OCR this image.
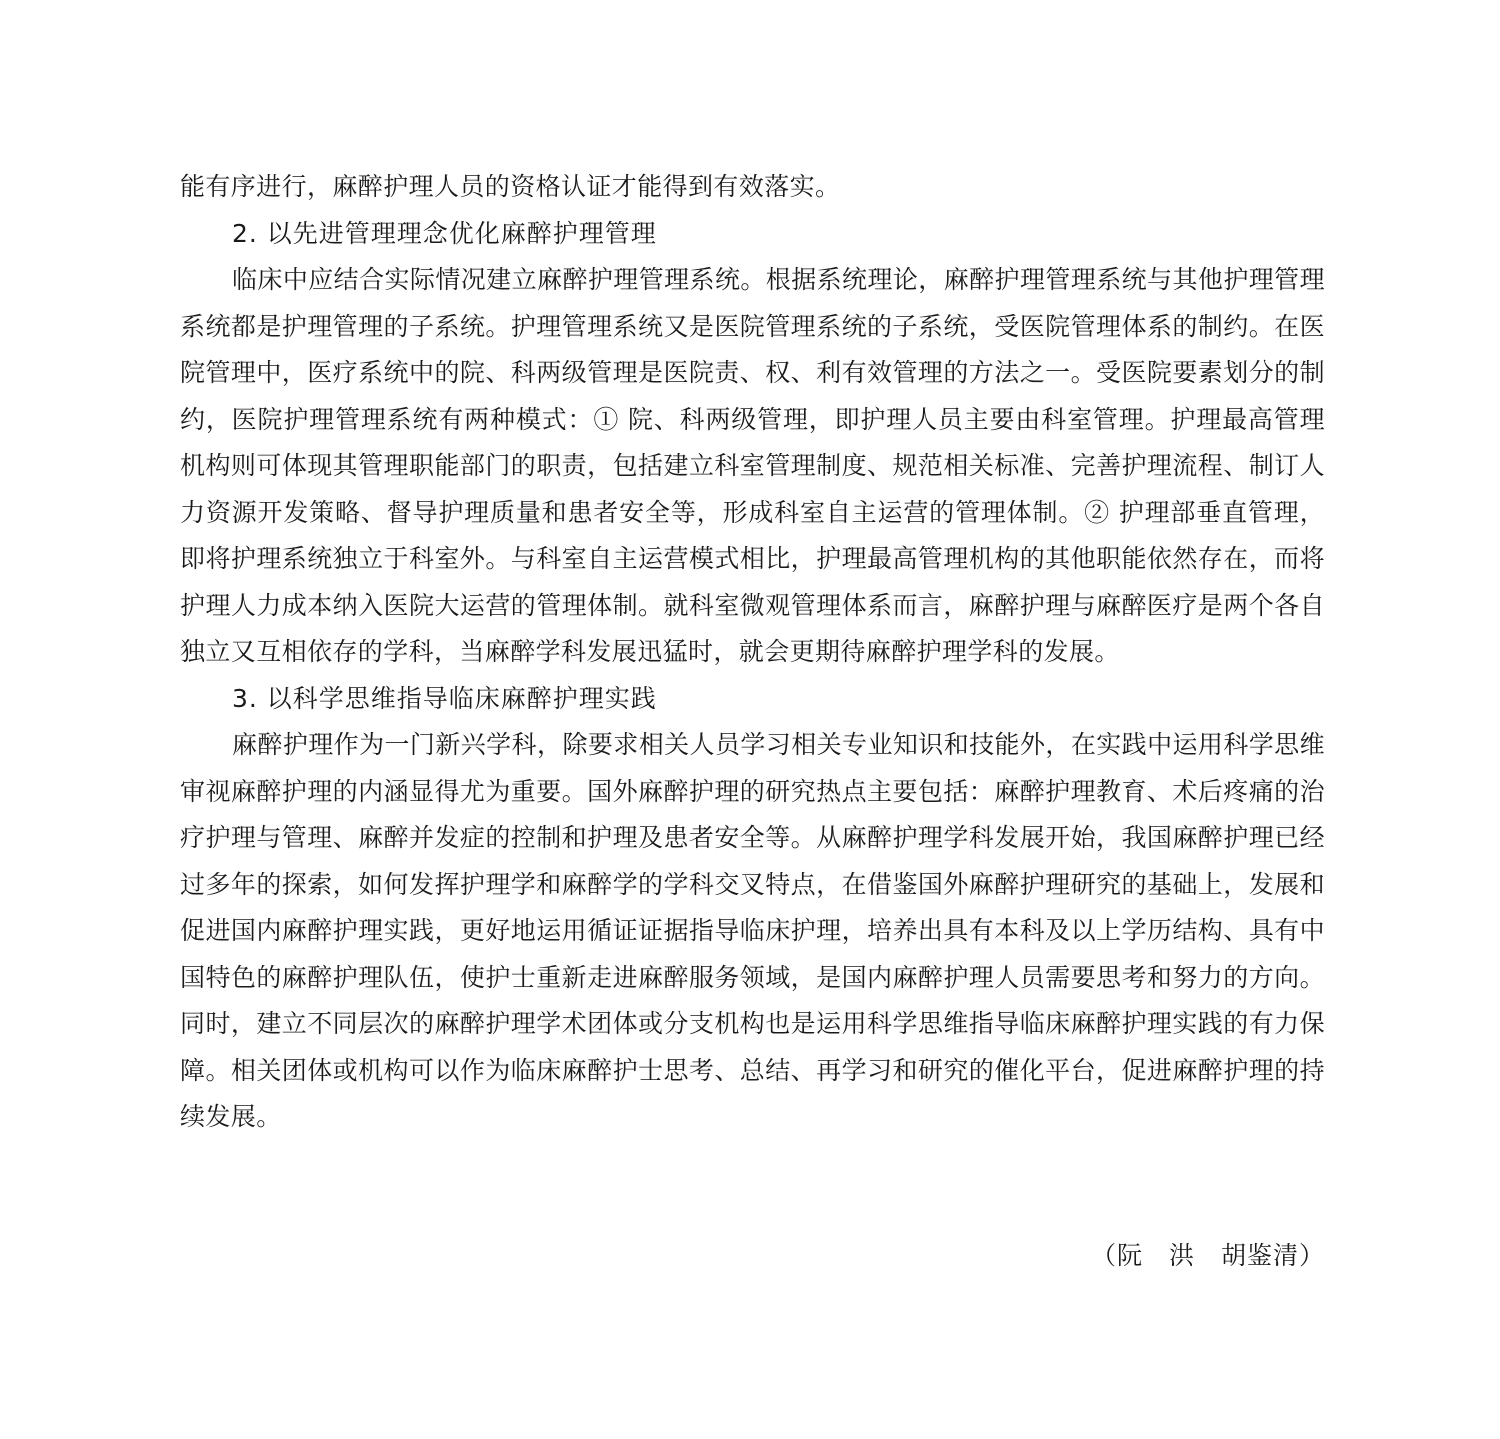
能有序进行，麻醉护理人员的资格认证才能得到有效落实。

2. 以先进管理理念优化麻醉护理管理

临床中应结合实际情况建立麻醉护理管理系统。根据系统理论，麻醉护理管理系统与其他护理管理系统都是护理管理的子系统。护理管理系统又是医院管理系统的子系统，受医院管理体系的制约。在医院管理中，医疗系统中的院、科两级管理是医院责、权、利有效管理的方法之一。受医院要素划分的制约，医院护理管理系统有两种模式：① 院、科两级管理，即护理人员主要由科室管理。护理最高管理机构则可体现其管理职能部门的职责，包括建立科室管理制度、规范相关标准、完善护理流程、制订人力资源开发策略、督导护理质量和患者安全等，形成科室自主运营的管理体制。② 护理部垂直管理，即将护理系统独立于科室外。与科室自主运营模式相比，护理最高管理机构的其他职能依然存在，而将护理人力成本纳入医院大运营的管理体制。就科室微观管理体系而言，麻醉护理与麻醉医疗是两个各自独立又互相依存的学科，当麻醉学科发展迅猛时，就会更期待麻醉护理学科的发展。

3. 以科学思维指导临床麻醉护理实践

麻醉护理作为一门新兴学科，除要求相关人员学习相关专业知识和技能外，在实践中运用科学思维审视麻醉护理的内涵显得尤为重要。国外麻醉护理的研究热点主要包括：麻醉护理教育、术后疼痛的治疗护理与管理、麻醉并发症的控制和护理及患者安全等。从麻醉护理学科发展开始，我国麻醉护理已经过多年的探索，如何发挥护理学和麻醉学的学科交叉特点，在借鉴国外麻醉护理研究的基础上，发展和促进国内麻醉护理实践，更好地运用循证证据指导临床护理，培养出具有本科及以上学历结构、具有中国特色的麻醉护理队伍，使护士重新走进麻醉服务领域，是国内麻醉护理人员需要思考和努力的方向。同时，建立不同层次的麻醉护理学术团体或分支机构也是运用科学思维指导临床麻醉护理实践的有力保障。相关团体或机构可以作为临床麻醉护士思考、总结、再学习和研究的催化平台，促进麻醉护理的持续发展。

（阮　洪　胡鉴清）
